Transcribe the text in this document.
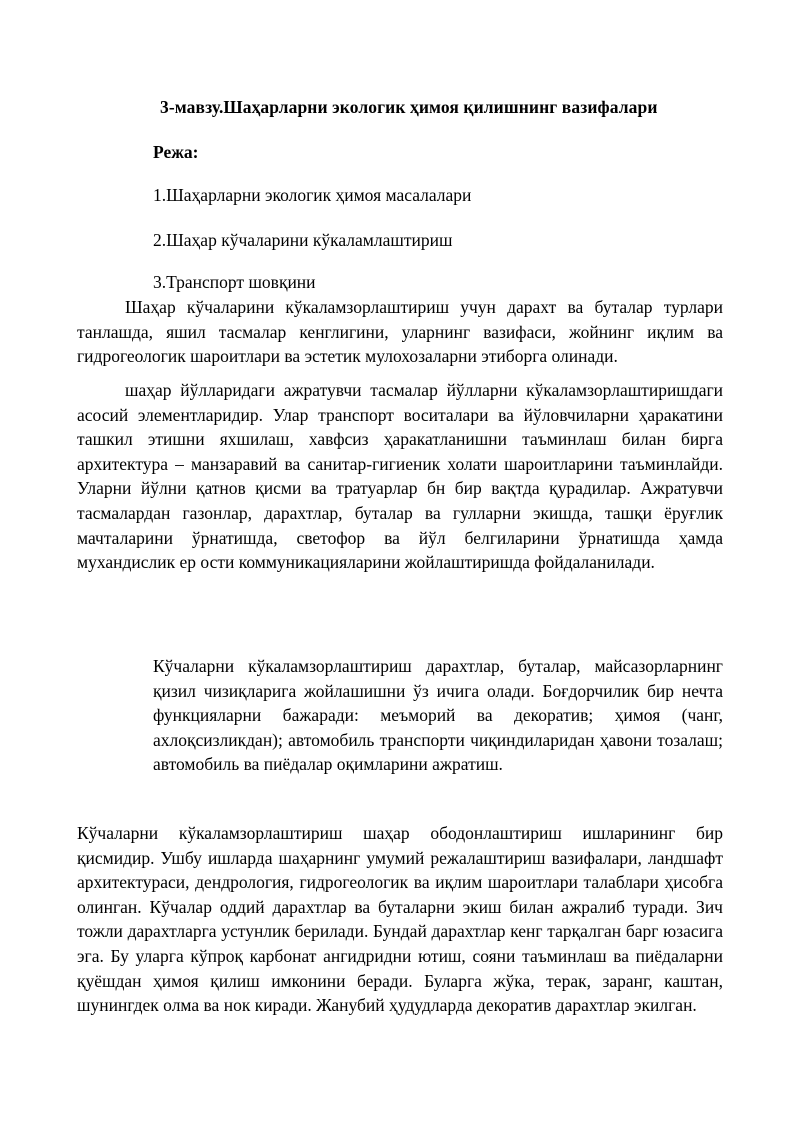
3-мавзу.Шаҳарларни экологик ҳимоя қилишнинг вазифалари
Режа:
1.Шаҳарларни экологик ҳимоя масалалари
2.Шаҳар кўчаларини кўкаламлаштириш
3.Транспорт шовқини

Шаҳар кўчаларини кўкаламзорлаштириш учун дарахт ва буталар турлари танлашда, яшил тасмалар кенглигини, уларнинг вазифаси, жойнинг иқлим ва гидрогеологик шароитлари ва эстетик мулохозаларни этиборга олинади.

шаҳар йўлларидаги ажратувчи тасмалар йўлларни кўкаламзорлаштиришдаги асосий элементларидир. Улар транспорт воситалари ва йўловчиларни ҳаракатини ташкил этишни яхшилаш, хавфсиз ҳаракатланишни таъминлаш билан бирга архитектура – манзаравий ва санитар-гигиеник холати шароитларини таъминлайди. Уларни йўлни қатнов қисми ва тратуарлар бн бир вақтда қурадилар. Ажратувчи тасмалардан газонлар, дарахтлар, буталар ва гулларни экишда, ташқи ёруғлик мачталарини ўрнатишда, светофор ва йўл белгиларини ўрнатишда ҳамда мухандислик ер ости коммуникацияларини жойлаштиришда фойдаланилади.

Кўчаларни кўкаламзорлаштириш дарахтлар, буталар, майсазорларнинг қизил чизиқларига жойлашишни ўз ичига олади. Боғдорчилик бир нечта функцияларни бажаради: меъморий ва декоратив; ҳимоя (чанг, ахлоқсизликдан); автомобиль транспорти чиқиндиларидан ҳавони тозалаш; автомобиль ва пиёдалар оқимларини ажратиш.

Кўчаларни кўкаламзорлаштириш шаҳар ободонлаштириш ишларининг бир қисмидир. Ушбу ишларда шаҳарнинг умумий режалаштириш вазифалари, ландшафт архитектураси, дендрология, гидрогеологик ва иқлим шароитлари талаблари ҳисобга олинган. Кўчалар оддий дарахтлар ва буталарни экиш билан ажралиб туради. Зич тожли дарахтларга устунлик берилади. Бундай дарахтлар кенг тарқалган барг юзасига эга. Бу уларга кўпроқ карбонат ангидридни ютиш, сояни таъминлаш ва пиёдаларни қуёшдан ҳимоя қилиш имконини беради. Буларга жўка, терак, заранг, каштан, шунингдек олма ва нок киради. Жанубий ҳудудларда декоратив дарахтлар экилган.
